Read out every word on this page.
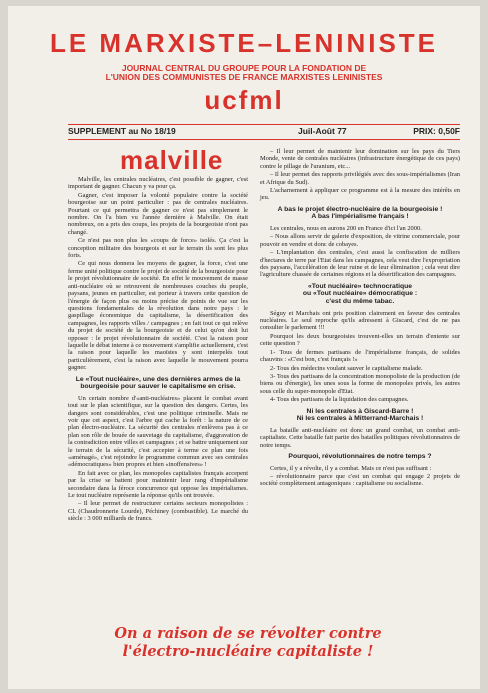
LE MARXISTE–LENINISTE
JOURNAL CENTRAL DU GROUPE POUR LA FONDATION DE
L'UNION DES COMMUNISTES DE FRANCE MARXISTES LENINISTES
ucfml
SUPPLEMENT au No 18/19	Juil-Août 77	PRIX: 0,50F
malville

Malville, les centrales nucléaires, c'est possible de gagner, c'est important de gagner. Chacun y va pour ça.

Gagner, c'est imposer la volonté populaire contre la société bourgeoise sur un point particulier : pas de centrales nucléaires. Pourtant ce qui permettra de gagner ce n'est pas simplement le nombre. On l'a bien vu l'année dernière à Malville. On était nombreux, on a pris des coups, les projets de la bourgeoisie n'ont pas changé.

Ce n'est pas non plus les «coups de force» isolés. Ça c'est la conception militaire des bourgeois et sur le terrain ils sont les plus forts.

Ce qui nous donnera les moyens de gagner, la force, c'est une ferme unité politique contre le projet de société de la bourgeoisie pour le projet révolutionnaire de société. En effet le mouvement de masse anti-nucléaire où se retrouvent de nombreuses couches du peuple, paysans, jeunes en particulier, est porteur à travers cette question de l'énergie de façon plus ou moins précise de points de vue sur les questions fondamentales de la révolution dans notre pays : le gaspillage économique du capitalisme, la désertification des campagnes, les rapports villes / campagnes ; en fait tout ce qui relève du projet de société de la bourgeoisie et de celui qu'on doit lui opposer : le projet révolutionnaire de société. C'est la raison pour laquelle le débat interne à ce mouvement s'amplifie actuellement, c'est la raison pour laquelle les maoïstes y sont interpelés tout particulièrement, c'est la raison avec laquelle le mouvement pourra gagner.

Le «Tout nucléaire», une des dernières armes de la bourgeoisie pour sauver le capitalisme en crise.

Un certain nombre d'«anti-nucléaires» placent le combat avant tout sur le plan scientifique, sur la question des dangers. Certes, les dangers sont considérables, c'est une politique criminelle. Mais ne voir que cet aspect, c'est l'arbre qui cache la forêt : la nature de ce plan électro-nucléaire. La sécurité des centrales n'enlèvera pas à ce plan son rôle de bouée de sauvetage du capitalisme, d'aggravation de la contradiction entre villes et campagnes ; et se battre uniquement sur le terrain de la sécurité, c'est accepter à terme ce plan une fois «aménagé», c'est rejoindre le programme commun avec ses centrales «démocratiques» bien propres et bien «inoffensives» !

En fait avec ce plan, les monopoles capitalistes français accepent par la crise se battent pour maintenir leur rang d'impérialisme secondaire dans la féroce concurrence qui oppose les impérialismes. Le tout nucléaire représente la réponse qu'ils ont trouvée.

– Il leur permet de restructurer certains secteurs monopolistes : CL (Chaudronnerie Lourde), Péchiney (combustible). Le marché du siècle : 3 000 milliards de francs.

– Il leur permet de maintenir leur domination sur les pays du Tiers Monde, vente de centrales nucléaires (infrastructure énergétique de ces pays) contre le pillage de l'uranium, etc...

– Il leur permet des rapports privilégiés avec des sous-impérialismes (Iran et Afrique du Sud).

L'acharnement à appliquer ce programme est à la mesure des intérêts en jeu.

A bas le projet électro-nucléaire de la bourgeoisie !
A bas l'impérialisme français !

Les centrales, nous en aurons 200 en France d'ici l'an 2000.

– Nous allons servir de galerie d'exposition, de vitrine commerciale, pour pouvoir en vendre et donc de cobayes.

– L'implantation des centrales, c'est aussi la confiscation de milliers d'hectares de terre par l'Etat dans les campagnes, cela veut dire l'expropriation des paysans, l'accélération de leur ruine et de leur élimination ; cela veut dire l'agriculture chassée de certaines régions et la désertification des campagnes.

«Tout nucléaire» technocratique
ou «Tout nucléaire» démocratique :
c'est du même tabac.

Séguy et Marchais ont pris position clairement en faveur des centrales nucléaires. Le seul reproche qu'ils adressent à Giscard, c'est de ne pas consulter le parlement !!!

Pourquoi les deux bourgeoisies trouvent-elles un terrain d'entente sur cette question ?

1- Tous de fermes partisans de l'impérialisme français, de solides chauvins : «C'est bon, c'est français !»

2- Tous des médecins voulant sauver le capitalisme malade.

3- Tous des partisans de la concentration monopoliste de la production (de biens ou d'énergie), les unes sous la forme de monopoles privés, les autres sous celle du super-monopole d'Etat.

4- Tous des partisans de la liquidation des campagnes.

Ni les centrales à Giscard-Barre !
Ni les centrales à Mitterrand-Marchais !

La bataille anti-nucléaire est donc un grand combat, un combat anti-capitaliste. Cette bataille fait partie des batailles politiques révolutionnaires de notre temps.

Pourquoi, révolutionnaires de notre temps ?

Certes, il y a révolte, il y a combat. Mais ce n'est pas suffisant :

– révolutionnaire parce que c'est un combat qui engage 2 projets de société complètement antagoniques : capitalisme ou socialisme.

On a raison de se révolter contre
l'électro-nucléaire capitaliste !
